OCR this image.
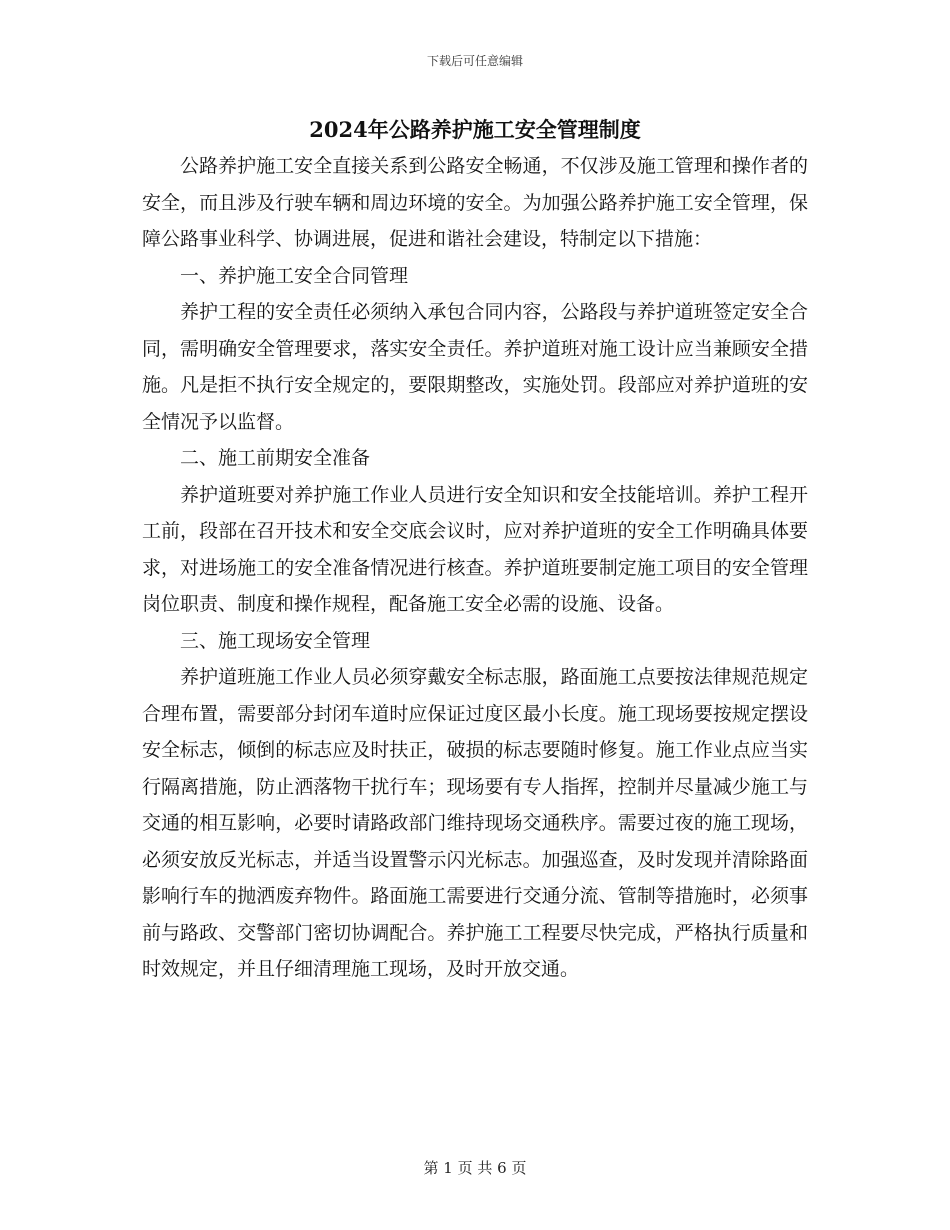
下载后可任意编辑
2024年公路养护施工安全管理制度

公路养护施工安全直接关系到公路安全畅通，不仅涉及施工管理和操作者的安全，而且涉及行驶车辆和周边环境的安全。为加强公路养护施工安全管理，保障公路事业科学、协调进展，促进和谐社会建设，特制定以下措施：

一、养护施工安全合同管理

养护工程的安全责任必须纳入承包合同内容，公路段与养护道班签定安全合同，需明确安全管理要求，落实安全责任。养护道班对施工设计应当兼顾安全措施。凡是拒不执行安全规定的，要限期整改，实施处罚。段部应对养护道班的安全情况予以监督。

二、施工前期安全准备

养护道班要对养护施工作业人员进行安全知识和安全技能培训。养护工程开工前，段部在召开技术和安全交底会议时，应对养护道班的安全工作明确具体要求，对进场施工的安全准备情况进行核查。养护道班要制定施工项目的安全管理岗位职责、制度和操作规程，配备施工安全必需的设施、设备。

三、施工现场安全管理

养护道班施工作业人员必须穿戴安全标志服，路面施工点要按法律规范规定合理布置，需要部分封闭车道时应保证过度区最小长度。施工现场要按规定摆设安全标志，倾倒的标志应及时扶正，破损的标志要随时修复。施工作业点应当实行隔离措施，防止洒落物干扰行车；现场要有专人指挥，控制并尽量减少施工与交通的相互影响，必要时请路政部门维持现场交通秩序。需要过夜的施工现场，必须安放反光标志，并适当设置警示闪光标志。加强巡查，及时发现并清除路面影响行车的抛洒废弃物件。路面施工需要进行交通分流、管制等措施时，必须事前与路政、交警部门密切协调配合。养护施工工程要尽快完成，严格执行质量和时效规定，并且仔细清理施工现场，及时开放交通。

第 1 页 共 6 页
